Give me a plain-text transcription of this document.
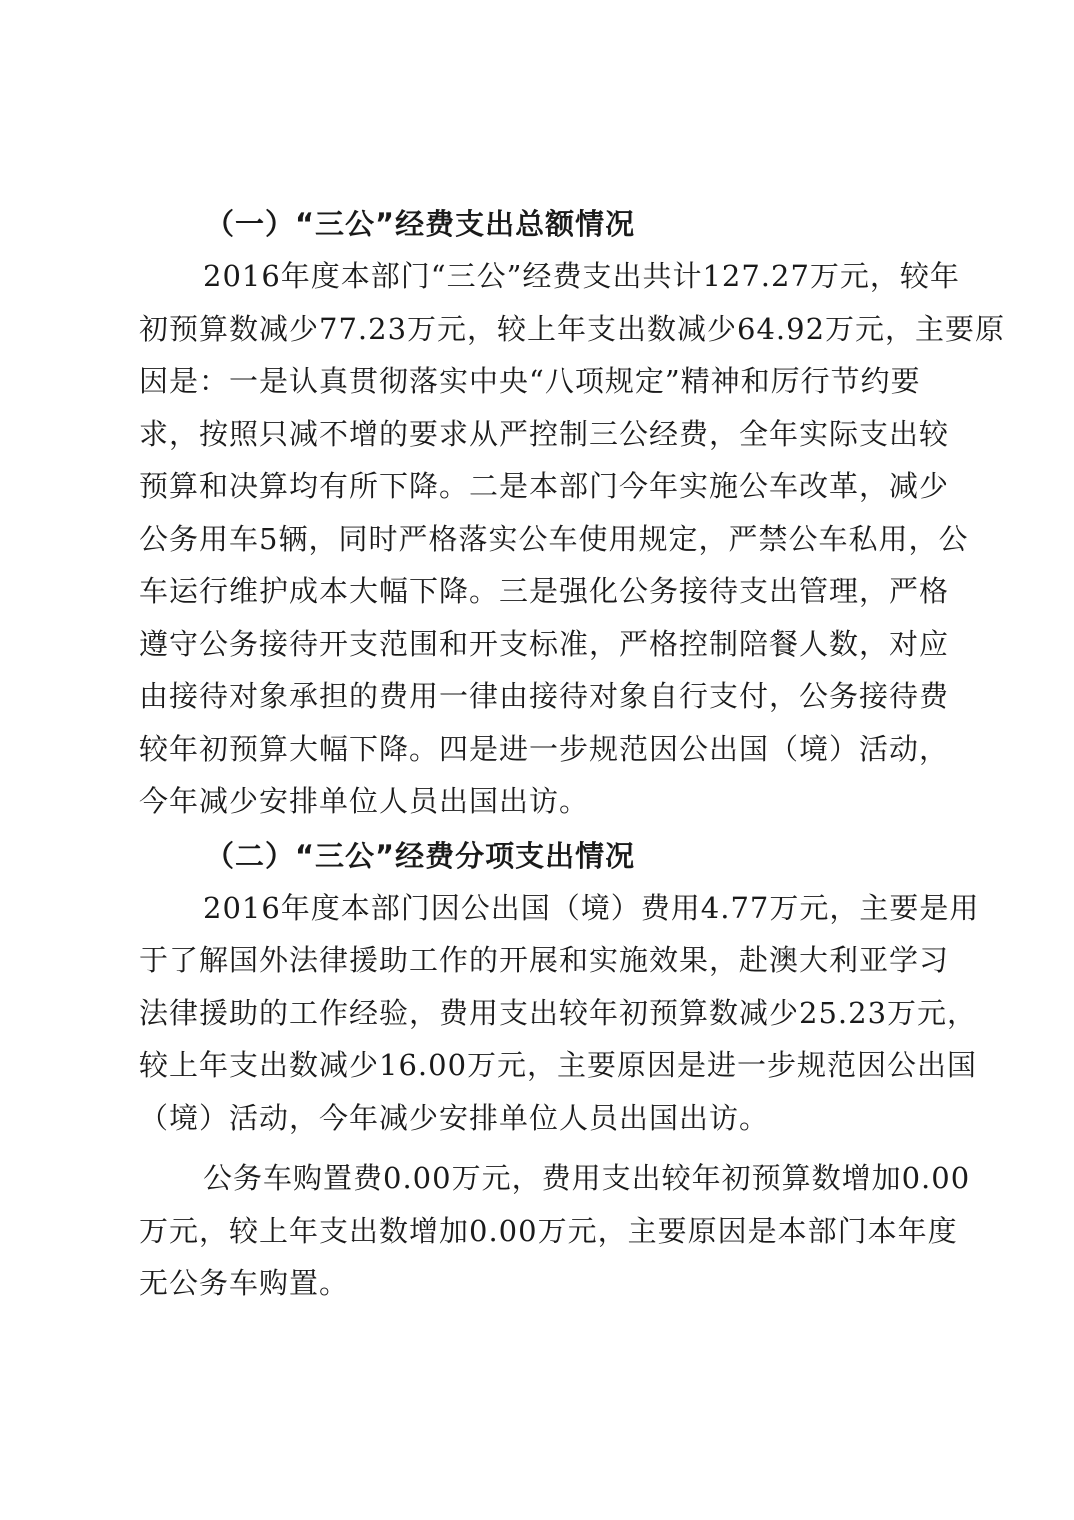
（一）“三公”经费支出总额情况
2016年度本部门“三公”经费支出共计127.27万元，较年
初预算数减少77.23万元，较上年支出数减少64.92万元，主要原
因是：一是认真贯彻落实中央“八项规定”精神和厉行节约要
求，按照只减不增的要求从严控制三公经费，全年实际支出较
预算和决算均有所下降。二是本部门今年实施公车改革，减少
公务用车5辆，同时严格落实公车使用规定，严禁公车私用，公
车运行维护成本大幅下降。三是强化公务接待支出管理，严格
遵守公务接待开支范围和开支标准，严格控制陪餐人数，对应
由接待对象承担的费用一律由接待对象自行支付，公务接待费
较年初预算大幅下降。四是进一步规范因公出国（境）活动，
今年减少安排单位人员出国出访。
（二）“三公”经费分项支出情况
2016年度本部门因公出国（境）费用4.77万元，主要是用
于了解国外法律援助工作的开展和实施效果，赴澳大利亚学习
法律援助的工作经验，费用支出较年初预算数减少25.23万元，
较上年支出数减少16.00万元，主要原因是进一步规范因公出国
（境）活动，今年减少安排单位人员出国出访。
公务车购置费0.00万元，费用支出较年初预算数增加0.00
万元，较上年支出数增加0.00万元，主要原因是本部门本年度
无公务车购置。
